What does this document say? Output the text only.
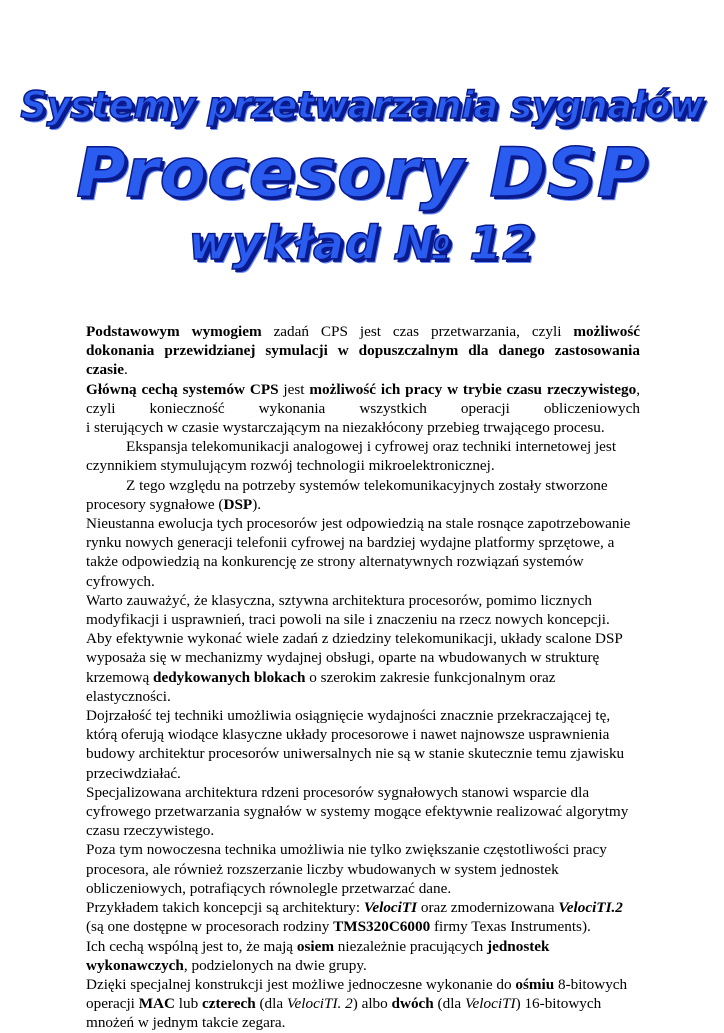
Systemy przetwarzania sygnałów
Procesory DSP
wykład № 12

Podstawowym wymogiem zadań CPS jest czas przetwarzania, czyli możliwość dokonania przewidzianej symulacji w dopuszczalnym dla danego zastosowania czasie.

Główną cechą systemów CPS jest możliwość ich pracy w trybie czasu rzeczywistego,

czyli konieczność wykonania wszystkich operacji obliczeniowych

i sterujących w czasie wystarczającym na niezakłócony przebieg trwającego procesu.

Ekspansja telekomunikacji analogowej i cyfrowej oraz techniki internetowej jest czynnikiem stymulującym rozwój technologii mikroelektronicznej.

Z tego względu na potrzeby systemów telekomunikacyjnych zostały stworzone procesory sygnałowe (DSP).

Nieustanna ewolucja tych procesorów jest odpowiedzią na stale rosnące zapotrzebowanie rynku nowych generacji telefonii cyfrowej na bardziej wydajne platformy sprzętowe, a także odpowiedzią na konkurencję ze strony alternatywnych rozwiązań systemów cyfrowych.

Warto zauważyć, że klasyczna, sztywna architektura procesorów, pomimo licznych modyfikacji i usprawnień, traci powoli na sile i znaczeniu na rzecz nowych koncepcji.

Aby efektywnie wykonać wiele zadań z dziedziny telekomunikacji, układy scalone DSP wyposaża się w mechanizmy wydajnej obsługi, oparte na wbudowanych w strukturę krzemową dedykowanych blokach o szerokim zakresie funkcjonalnym oraz elastyczności.

Dojrzałość tej techniki umożliwia osiągnięcie wydajności znacznie przekraczającej tę, którą oferują wiodące klasyczne układy procesorowe i nawet najnowsze usprawnienia budowy architektur procesorów uniwersalnych nie są w stanie skutecznie temu zjawisku przeciwdziałać.

Specjalizowana architektura rdzeni procesorów sygnałowych stanowi wsparcie dla cyfrowego przetwarzania sygnałów w systemy mogące efektywnie realizować algorytmy czasu rzeczywistego.

Poza tym nowoczesna technika umożliwia nie tylko zwiększanie częstotliwości pracy procesora, ale również rozszerzanie liczby wbudowanych w system jednostek obliczeniowych, potrafiących równolegle przetwarzać dane.

Przykładem takich koncepcji są architektury: VelociTI oraz zmodernizowana VelociTI.2 (są one dostępne w procesorach rodziny TMS320C6000 firmy Texas Instruments).

Ich cechą wspólną jest to, że mają osiem niezależnie pracujących jednostek wykonawczych, podzielonych na dwie grupy.

Dzięki specjalnej konstrukcji jest możliwe jednoczesne wykonanie do ośmiu 8-bitowych operacji MAC lub czterech (dla VelociTI. 2) albo dwóch (dla VelociTI) 16-bitowych mnożeń w jednym takcie zegara.
